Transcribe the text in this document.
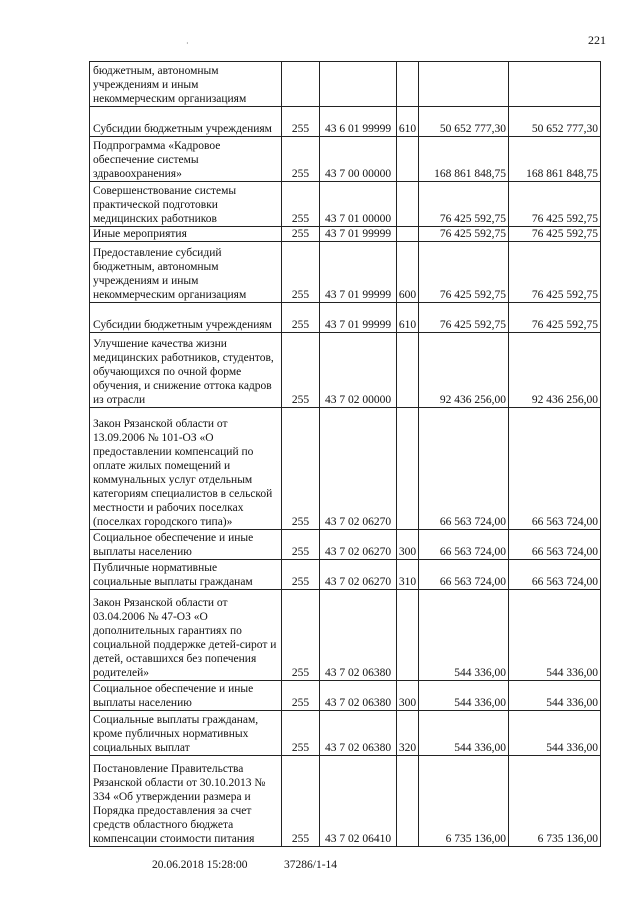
221
·
бюджетным, автономным учреждениям и иным некоммерческим организациям					
Субсидии бюджетным учреждениям	255	43 6 01 99999	610	50 652 777,30	50 652 777,30
Подпрограмма «Кадровое обеспечение системы здравоохранения»	255	43 7 00 00000		168 861 848,75	168 861 848,75
Совершенствование системы практической подготовки медицинских работников	255	43 7 01 00000		76 425 592,75	76 425 592,75
Иные мероприятия	255	43 7 01 99999		76 425 592,75	76 425 592,75
Предоставление субсидий бюджетным, автономным учреждениям и иным некоммерческим организациям	255	43 7 01 99999	600	76 425 592,75	76 425 592,75
Субсидии бюджетным учреждениям	255	43 7 01 99999	610	76 425 592,75	76 425 592,75
Улучшение качества жизни медицинских работников, студентов, обучающихся по очной форме обучения, и снижение оттока кадров из отрасли	255	43 7 02 00000		92 436 256,00	92 436 256,00
Закон Рязанской области от 13.09.2006 № 101-ОЗ «О предоставлении компенсаций по оплате жилых помещений и коммунальных услуг отдельным категориям специалистов в сельской местности и рабочих поселках (поселках городского типа)»	255	43 7 02 06270		66 563 724,00	66 563 724,00
Социальное обеспечение и иные выплаты населению	255	43 7 02 06270	300	66 563 724,00	66 563 724,00
Публичные нормативные социальные выплаты гражданам	255	43 7 02 06270	310	66 563 724,00	66 563 724,00
Закон Рязанской области от 03.04.2006 № 47-ОЗ «О дополнительных гарантиях по социальной поддержке детей-сирот и детей, оставшихся без попечения родителей»	255	43 7 02 06380		544 336,00	544 336,00
Социальное обеспечение и иные выплаты населению	255	43 7 02 06380	300	544 336,00	544 336,00
Социальные выплаты гражданам, кроме публичных нормативных социальных выплат	255	43 7 02 06380	320	544 336,00	544 336,00
Постановление Правительства Рязанской области от 30.10.2013 № 334 «Об утверждении размера и Порядка предоставления за счет средств областного бюджета компенсации стоимости питания	255	43 7 02 06410		6 735 136,00	6 735 136,00
20.06.2018 15:28:00	37286/1-14
